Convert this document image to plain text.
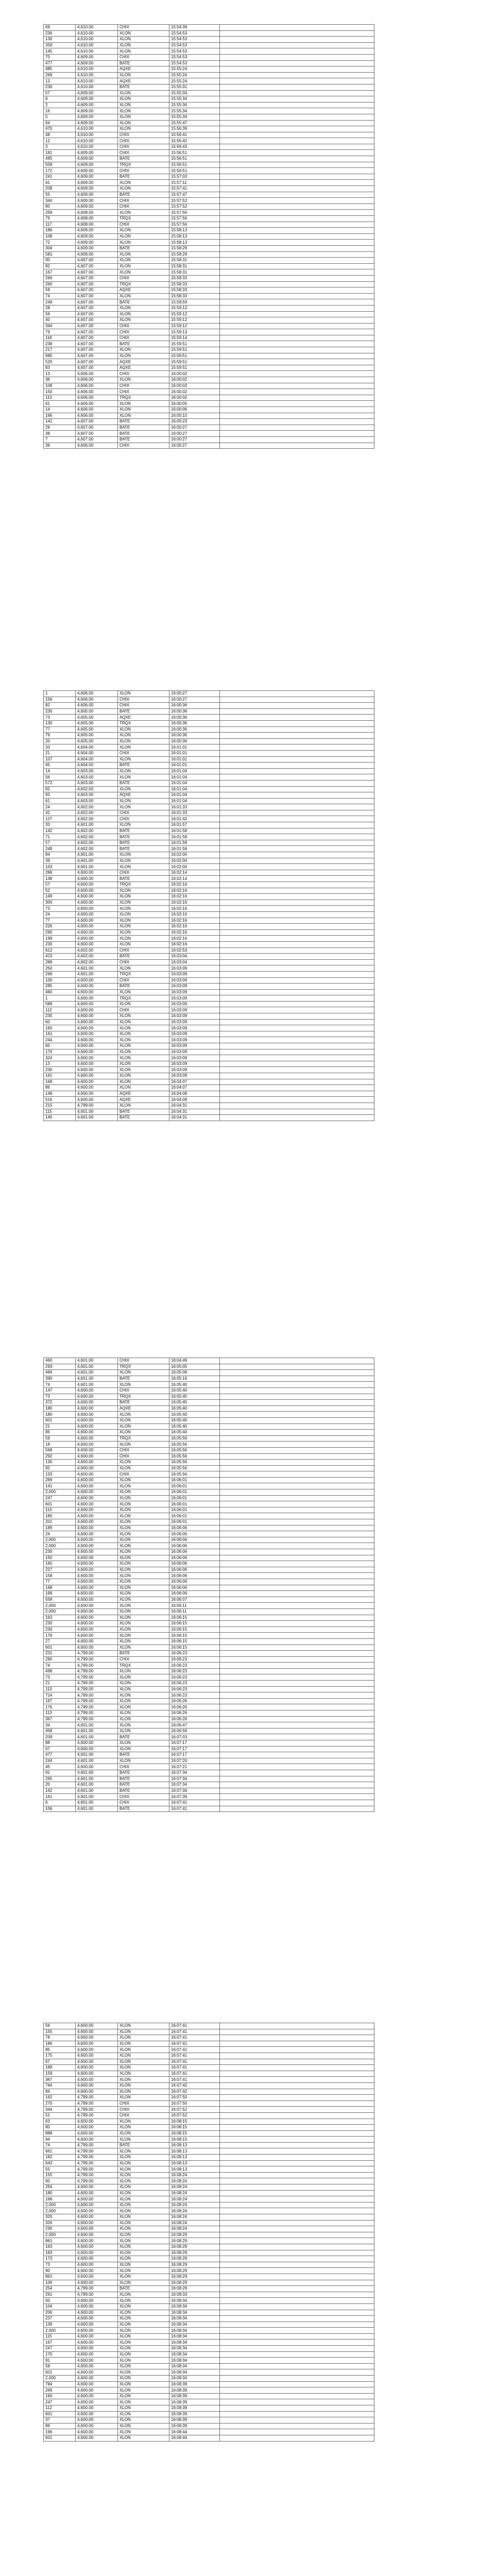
69	4,610.00	CHIX	15:54:39	
236	4,610.00	XLON	15:54:53	
130	4,610.00	XLON	15:54:53	
358	4,610.00	XLON	15:54:53	
145	4,610.00	XLON	15:54:53	
70	4,609.00	CHIX	15:54:53	
477	4,609.00	BATE	15:54:53	
485	4,610.00	AQXE	15:55:24	
269	4,610.00	XLON	15:55:24	
13	4,610.00	AQXE	15:55:24	
236	4,610.00	BATE	15:55:31	
57	4,609.00	XLON	15:55:34	
6	4,609.00	XLON	15:55:34	
2	4,609.00	XLON	15:55:34	
16	4,609.00	XLON	15:55:34	
5	4,609.00	XLON	15:55:34	
64	4,609.00	XLON	15:55:47	
470	4,610.00	XLON	15:56:39	
48	4,610.00	CHIX	15:56:41	
12	4,610.00	CHIX	15:56:42	
3	4,610.00	CHIX	15:56:43	
181	4,609.00	CHIX	15:56:51	
495	4,609.00	BATE	15:56:51	
509	4,609.00	TRQX	15:56:51	
172	4,609.00	CHIX	15:56:51	
241	4,609.00	BATE	15:57:03	
41	4,609.00	XLON	15:57:11	
208	4,609.00	XLON	15:57:41	
55	4,609.00	BATE	15:57:47	
344	4,609.00	CHIX	15:57:52	
80	4,609.00	CHIX	15:57:52	
258	4,608.00	XLON	15:57:56	
79	4,608.00	TRQX	15:57:56	
117	4,608.00	CHIX	15:57:56	
186	4,609.00	XLON	15:58:13	
108	4,609.00	XLON	15:58:13	
72	4,609.00	XLON	15:58:13	
304	4,609.00	BATE	15:58:29	
581	4,608.00	XLON	15:58:29	
90	4,607.00	XLON	15:58:31	
82	4,607.00	XLON	15:58:31	
167	4,607.00	XLON	15:58:31	
266	4,607.00	CHIX	15:58:33	
260	4,607.00	TRQX	15:58:33	
59	4,607.00	AQXE	15:58:33	
74	4,607.00	XLON	15:58:33	
248	4,607.00	BATE	15:58:59	
28	4,607.00	XLON	15:59:12	
56	4,607.00	XLON	15:59:12	
40	4,607.00	XLON	15:59:12	
344	4,607.00	CHIX	15:59:12	
79	4,607.00	CHIX	15:59:13	
118	4,607.00	CHIX	15:59:14	
238	4,607.00	BATE	15:59:51	
217	4,607.00	XLON	15:59:51	
680	4,607.00	XLON	15:59:51	
520	4,607.00	AQXE	15:59:51	
83	4,607.00	AQXE	15:59:51	
13	4,606.00	CHIX	16:00:02	
36	4,606.00	XLON	16:00:02	
108	4,606.00	CHIX	16:00:02	
150	4,606.00	CHIX	16:00:02	
110	4,606.00	TRQX	16:00:02	
61	4,606.00	XLON	16:00:05	
14	4,606.00	XLON	16:00:06	
166	4,606.00	XLON	16:00:10	
142	4,607.00	BATE	16:00:23	
29	4,607.00	BATE	16:00:27	
38	4,607.00	BATE	16:00:27	
7	4,607.00	BATE	16:00:27	
36	4,606.00	CHIX	16:00:27	
1	4,606.00	XLON	16:00:27	
156	4,606.00	CHIX	16:00:27	
82	4,606.00	CHIX	16:00:36	
230	4,605.00	BATE	16:00:36	
73	4,605.00	AQXE	16:00:36	
130	4,605.00	TRQX	16:00:36	
77	4,605.00	XLON	16:00:36	
79	4,605.00	XLON	16:00:36	
20	4,605.00	XLON	16:00:36	
33	4,604.00	XLON	16:01:01	
21	4,604.00	CHIX	16:01:01	
107	4,604.00	XLON	16:01:01	
45	4,604.00	BATE	16:01:01	
14	4,603.00	XLON	16:01:04	
56	4,603.00	XLON	16:01:04	
572	4,603.00	BATE	16:01:04	
82	4,602.00	XLON	16:01:04	
93	4,603.00	AQXE	16:01:04	
61	4,603.00	XLON	16:01:04	
24	4,602.00	XLON	16:01:33	
42	4,602.00	CHIX	16:01:33	
127	4,602.00	CHIX	16:01:42	
33	4,601.00	XLON	16:01:57	
142	4,602.00	BATE	16:01:58	
71	4,602.00	BATE	16:01:58	
57	4,602.00	BATE	16:01:58	
248	4,602.00	BATE	16:01:58	
84	4,601.00	XLON	16:02:00	
39	4,601.00	XLON	16:02:00	
103	4,601.00	XLON	16:02:00	
286	4,600.00	CHIX	16:02:14	
138	4,600.00	BATE	16:02:14	
57	4,600.00	TRQX	16:02:16	
52	4,600.00	XLON	16:02:16	
149	4,600.00	XLON	16:02:16	
300	4,600.00	XLON	16:02:16	
73	4,600.00	XLON	16:02:16	
24	4,600.00	XLON	16:02:16	
77	4,600.00	XLON	16:02:16	
226	4,600.00	XLON	16:02:16	
290	4,600.00	XLON	16:02:16	
199	4,600.00	XLON	16:02:16	
230	4,600.00	XLON	16:02:16	
612	4,602.00	CHIX	16:02:53	
423	4,602.00	BATE	16:03:04	
288	4,602.00	CHIX	16:03:04	
250	4,601.00	XLON	16:03:09	
269	4,601.00	TRQX	16:03:09	
100	4,600.00	CHIX	16:03:09	
285	4,600.00	BATE	16:03:09	
460	4,600.00	XLON	16:03:09	
1	4,600.00	TRQX	16:03:09	
588	4,600.00	XLON	16:03:09	
112	4,600.00	CHIX	16:03:09	
230	4,600.00	XLON	16:03:09	
60	4,600.00	XLON	16:03:09	
160	4,600.00	XLON	16:03:09	
161	4,600.00	XLON	16:03:09	
244	4,600.00	XLON	16:03:09	
60	4,600.00	XLON	16:03:09	
174	4,600.00	XLON	16:03:09	
324	4,600.00	XLON	16:03:09	
13	4,600.00	XLON	16:03:09	
230	4,600.00	XLON	16:03:09	
161	4,600.00	XLON	16:03:09	
168	4,600.00	XLON	16:04:07	
86	4,600.00	XLON	16:04:07	
148	4,600.00	AQXE	16:04:08	
516	4,600.00	AQXE	16:04:08	
215	4,799.00	XLON	16:04:31	
115	4,601.00	BATE	16:04:31	
140	4,601.00	BATE	16:04:31	
460	4,601.00	CHIX	16:04:49	
293	4,601.00	TRQX	16:05:05	
484	4,601.00	XLON	16:05:08	
390	4,601.00	BATE	16:05:16	
74	4,601.00	XLON	16:05:40	
147	4,600.00	CHIX	16:05:40	
73	4,600.00	TRQX	16:05:45	
372	4,600.00	BATE	16:05:45	
180	4,600.00	AQXE	16:05:40	
180	4,600.00	XLON	16:05:40	
601	4,600.00	XLON	16:05:40	
21	4,600.00	XLON	16:05:40	
85	4,600.00	XLON	16:05:40	
59	4,600.00	TRQX	16:05:56	
18	4,600.00	XLON	16:05:56	
568	4,600.00	CHIX	16:05:56	
292	4,600.00	CHIX	16:05:56	
130	4,600.00	XLON	16:05:56	
92	4,600.00	XLON	16:05:56	
133	4,600.00	CHIX	16:05:56	
269	4,600.00	XLON	16:06:01	
141	4,600.00	XLON	16:06:01	
2,000	4,600.00	XLON	16:06:01	
247	4,600.00	XLON	16:06:01	
601	4,600.00	XLON	16:06:01	
110	4,600.00	XLON	16:06:01	
180	4,600.00	XLON	16:06:01	
201	4,600.00	XLON	16:06:01	
189	4,600.00	XLON	16:06:06	
24	4,600.00	XLON	16:06:06	
2,000	4,600.00	XLON	16:06:06	
2,000	4,600.00	XLON	16:06:06	
230	4,600.00	XLON	16:06:06	
150	4,600.00	XLON	16:06:06	
160	4,600.00	XLON	16:06:06	
227	4,600.00	XLON	16:06:06	
158	4,600.00	XLON	16:06:06	
77	4,600.00	XLON	16:06:06	
168	4,600.00	XLON	16:06:06	
199	4,600.00	XLON	16:06:06	
558	4,600.00	XLON	16:06:07	
2,000	4,600.00	XLON	16:06:11	
2,000	4,600.00	XLON	16:06:11	
163	4,600.00	XLON	16:06:15	
230	4,600.00	XLON	16:06:15	
230	4,600.00	XLON	16:06:15	
176	4,600.00	XLON	16:06:15	
27	4,600.00	XLON	16:06:15	
601	4,600.00	XLON	16:06:15	
231	4,799.00	BATE	16:06:23	
290	4,799.00	CHIX	16:06:23	
74	4,799.00	TRQX	16:06:23	
498	4,799.00	XLON	16:06:23	
73	4,799.00	XLON	16:06:23	
21	4,799.00	XLON	16:06:23	
113	4,799.00	XLON	16:06:23	
724	4,799.00	XLON	16:06:23	
197	4,799.00	XLON	16:06:26	
176	4,799.00	XLON	16:06:26	
113	4,799.00	XLON	16:06:26	
367	4,799.00	XLON	16:06:26	
34	4,601.00	XLON	16:06:47	
458	4,601.00	XLON	16:06:56	
209	4,601.00	BATE	16:07:03	
88	4,600.00	XLON	16:07:17	
67	4,600.00	XLON	16:07:17	
477	4,601.00	BATE	16:07:17	
244	4,601.00	XLON	16:07:20	
45	4,600.00	CHIX	16:07:21	
91	4,601.00	BATE	16:07:34	
265	4,601.00	BATE	16:07:34	
20	4,601.00	BATE	16:07:34	
142	4,601.00	BATE	16:07:34	
161	4,601.00	CHIX	16:07:39	
6	4,601.00	CHIX	16:07:41	
156	4,601.00	BATE	16:07:41	
56	4,600.00	XLON	16:07:41	
155	4,600.00	XLON	16:07:41	
78	4,600.00	XLON	16:07:41	
186	4,600.00	XLON	16:07:41	
85	4,600.00	XLON	16:07:41	
175	4,600.00	XLON	16:07:41	
67	4,600.00	XLON	16:07:41	
189	4,600.00	XLON	16:07:41	
159	4,600.00	XLON	16:07:41	
367	4,600.00	XLON	16:07:41	
764	4,600.00	XLON	16:07:42	
84	4,600.00	XLON	16:07:42	
162	4,799.00	XLON	16:07:50	
270	4,799.00	CHIX	16:07:50	
344	4,799.00	CHIX	16:07:52	
51	4,799.00	CHIX	16:07:52	
63	4,600.00	XLON	16:08:15	
80	4,600.00	XLON	16:08:15	
888	4,600.00	XLON	16:08:15	
94	4,600.00	XLON	16:08:15	
74	4,799.00	BATE	16:08:13	
661	4,799.00	XLON	16:08:13	
182	4,799.00	XLON	16:08:13	
643	4,799.00	XLON	16:08:13	
55	4,799.00	XLON	16:08:13	
155	4,799.00	XLON	16:08:24	
90	4,799.00	XLON	16:08:24	
254	4,600.00	XLON	16:08:24	
180	4,600.00	XLON	16:08:24	
168	4,600.00	XLON	16:08:24	
2,000	4,600.00	XLON	16:08:24	
2,000	4,600.00	XLON	16:08:24	
320	4,600.00	XLON	16:08:24	
326	4,600.00	XLON	16:08:24	
230	4,600.00	XLON	16:08:24	
2,000	4,600.00	XLON	16:08:29	
861	4,600.00	XLON	16:08:29	
163	4,600.00	XLON	16:08:29	
183	4,600.00	XLON	16:08:29	
173	4,600.00	XLON	16:08:29	
73	4,600.00	XLON	16:08:29	
90	4,600.00	XLON	16:08:29	
861	4,600.00	XLON	16:08:29	
106	4,600.00	XLON	16:08:29	
254	4,799.00	BATE	16:08:29	
291	4,799.00	XLON	16:08:33	
93	4,600.00	XLON	16:08:34	
104	4,600.00	XLON	16:08:34	
206	4,600.00	XLON	16:08:34	
237	4,600.00	XLON	16:08:34	
139	4,600.00	XLON	16:08:34	
2,000	4,600.00	XLON	16:08:34	
115	4,600.00	XLON	16:08:34	
167	4,600.00	XLON	16:08:34	
247	4,600.00	XLON	16:08:34	
170	4,600.00	XLON	16:08:34	
91	4,600.00	XLON	16:08:34	
58	4,600.00	XLON	16:08:34	
601	4,600.00	XLON	16:08:34	
2,000	4,600.00	XLON	16:08:34	
784	4,600.00	XLON	16:08:39	
269	4,600.00	XLON	16:08:39	
160	4,600.00	XLON	16:08:39	
247	4,600.00	XLON	16:08:39	
112	4,600.00	XLON	16:08:39	
601	4,600.00	XLON	16:08:39	
37	4,600.00	XLON	16:08:39	
86	4,600.00	XLON	16:08:39	
196	4,600.00	XLON	16:08:44	
601	4,600.00	XLON	16:08:44	
